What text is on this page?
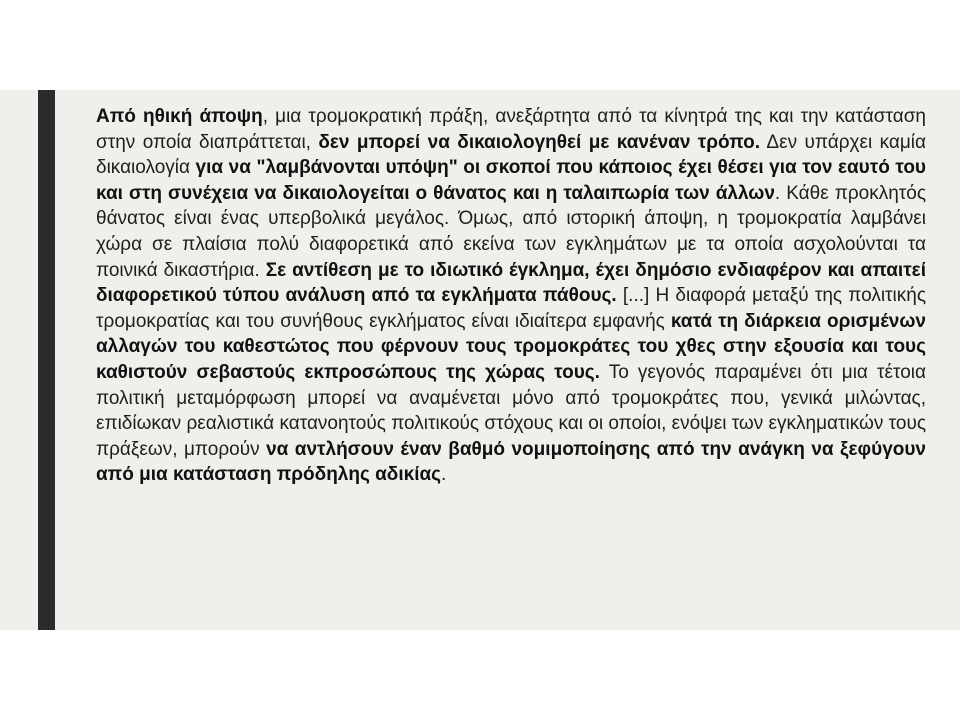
Από ηθική άποψη, μια τρομοκρατική πράξη, ανεξάρτητα από τα κίνητρά της και την κατάσταση στην οποία διαπράττεται, δεν μπορεί να δικαιολογηθεί με κανέναν τρόπο. Δεν υπάρχει καμία δικαιολογία για να "λαμβάνονται υπόψη" οι σκοποί που κάποιος έχει θέσει για τον εαυτό του και στη συνέχεια να δικαιολογείται ο θάνατος και η ταλαιπωρία των άλλων. Κάθε προκλητός θάνατος είναι ένας υπερβολικά μεγάλος. Όμως, από ιστορική άποψη, η τρομοκρατία λαμβάνει χώρα σε πλαίσια πολύ διαφορετικά από εκείνα των εγκλημάτων με τα οποία ασχολούνται τα ποινικά δικαστήρια. Σε αντίθεση με το ιδιωτικό έγκλημα, έχει δημόσιο ενδιαφέρον και απαιτεί διαφορετικού τύπου ανάλυση από τα εγκλήματα πάθους. [...] Η διαφορά μεταξύ της πολιτικής τρομοκρατίας και του συνήθους εγκλήματος είναι ιδιαίτερα εμφανής κατά τη διάρκεια ορισμένων αλλαγών του καθεστώτος που φέρνουν τους τρομοκράτες του χθες στην εξουσία και τους καθιστούν σεβαστούς εκπροσώπους της χώρας τους. Το γεγονός παραμένει ότι μια τέτοια πολιτική μεταμόρφωση μπορεί να αναμένεται μόνο από τρομοκράτες που, γενικά μιλώντας, επιδίωκαν ρεαλιστικά κατανοητούς πολιτικούς στόχους και οι οποίοι, ενόψει των εγκληματικών τους πράξεων, μπορούν να αντλήσουν έναν βαθμό νομιμοποίησης από την ανάγκη να ξεφύγουν από μια κατάσταση πρόδηλης αδικίας.
